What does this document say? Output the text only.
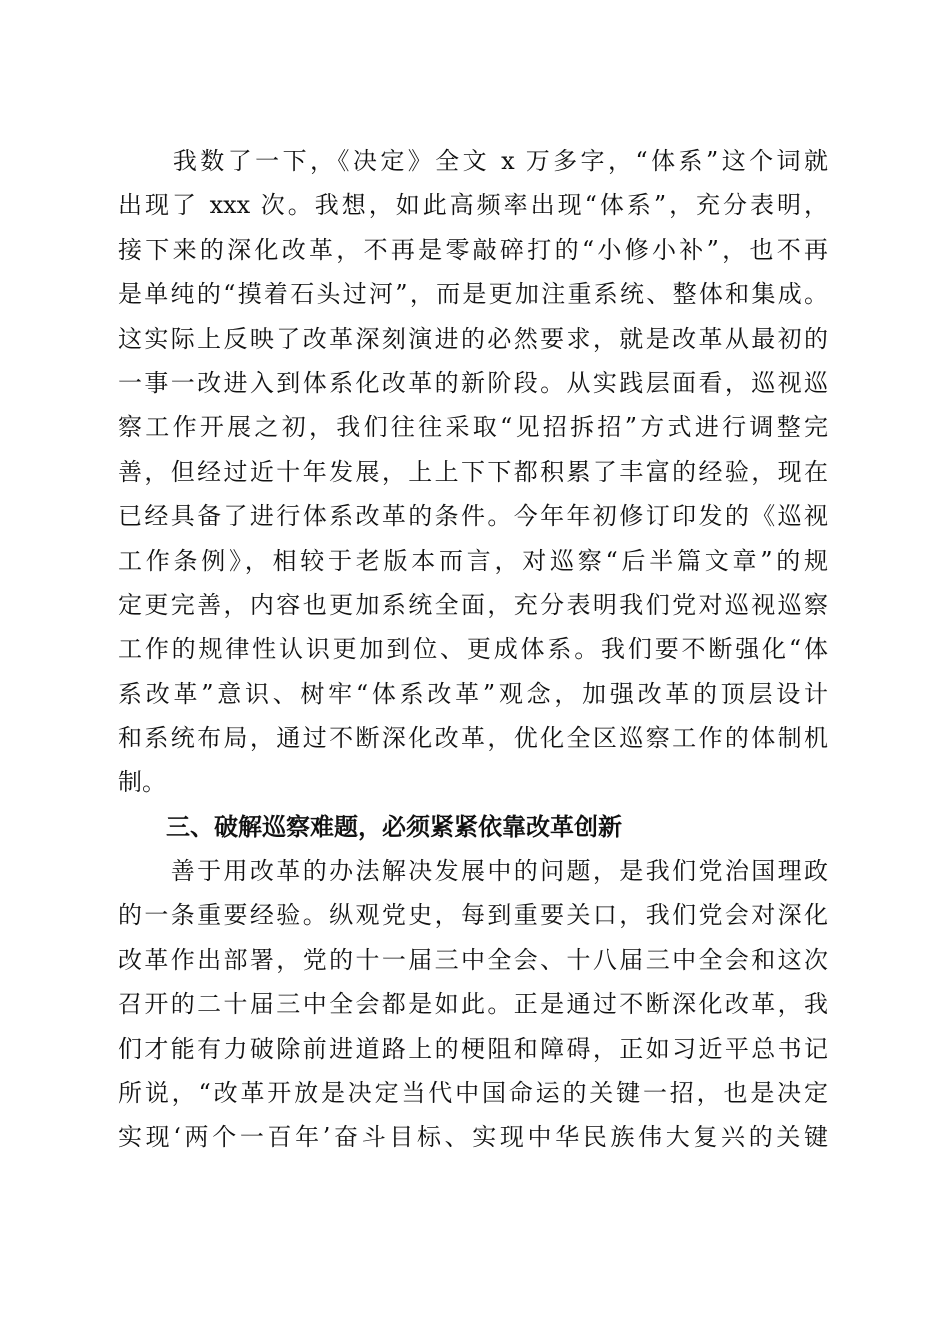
　　我数了一下，《决定》全文 x 万多字，“体系”这个词就
出现了 xxx 次。我想，如此高频率出现“体系”，充分表明，
接下来的深化改革，不再是零敲碎打的“小修小补”，也不再
是单纯的“摸着石头过河”，而是更加注重系统、整体和集成。
这实际上反映了改革深刻演进的必然要求，就是改革从最初的
一事一改进入到体系化改革的新阶段。从实践层面看，巡视巡
察工作开展之初，我们往往采取“见招拆招”方式进行调整完
善，但经过近十年发展，上上下下都积累了丰富的经验，现在
已经具备了进行体系改革的条件。今年年初修订印发的《巡视
工作条例》，相较于老版本而言，对巡察“后半篇文章”的规
定更完善，内容也更加系统全面，充分表明我们党对巡视巡察
工作的规律性认识更加到位、更成体系。我们要不断强化“体
系改革”意识、树牢“体系改革”观念，加强改革的顶层设计
和系统布局，通过不断深化改革，优化全区巡察工作的体制机
制。
　　三、破解巡察难题，必须紧紧依靠改革创新
　　善于用改革的办法解决发展中的问题，是我们党治国理政
的一条重要经验。纵观党史，每到重要关口，我们党会对深化
改革作出部署，党的十一届三中全会、十八届三中全会和这次
召开的二十届三中全会都是如此。正是通过不断深化改革，我
们才能有力破除前进道路上的梗阻和障碍，正如习近平总书记
所说，“改革开放是决定当代中国命运的关键一招，也是决定
实现‘两个一百年’奋斗目标、实现中华民族伟大复兴的关键
